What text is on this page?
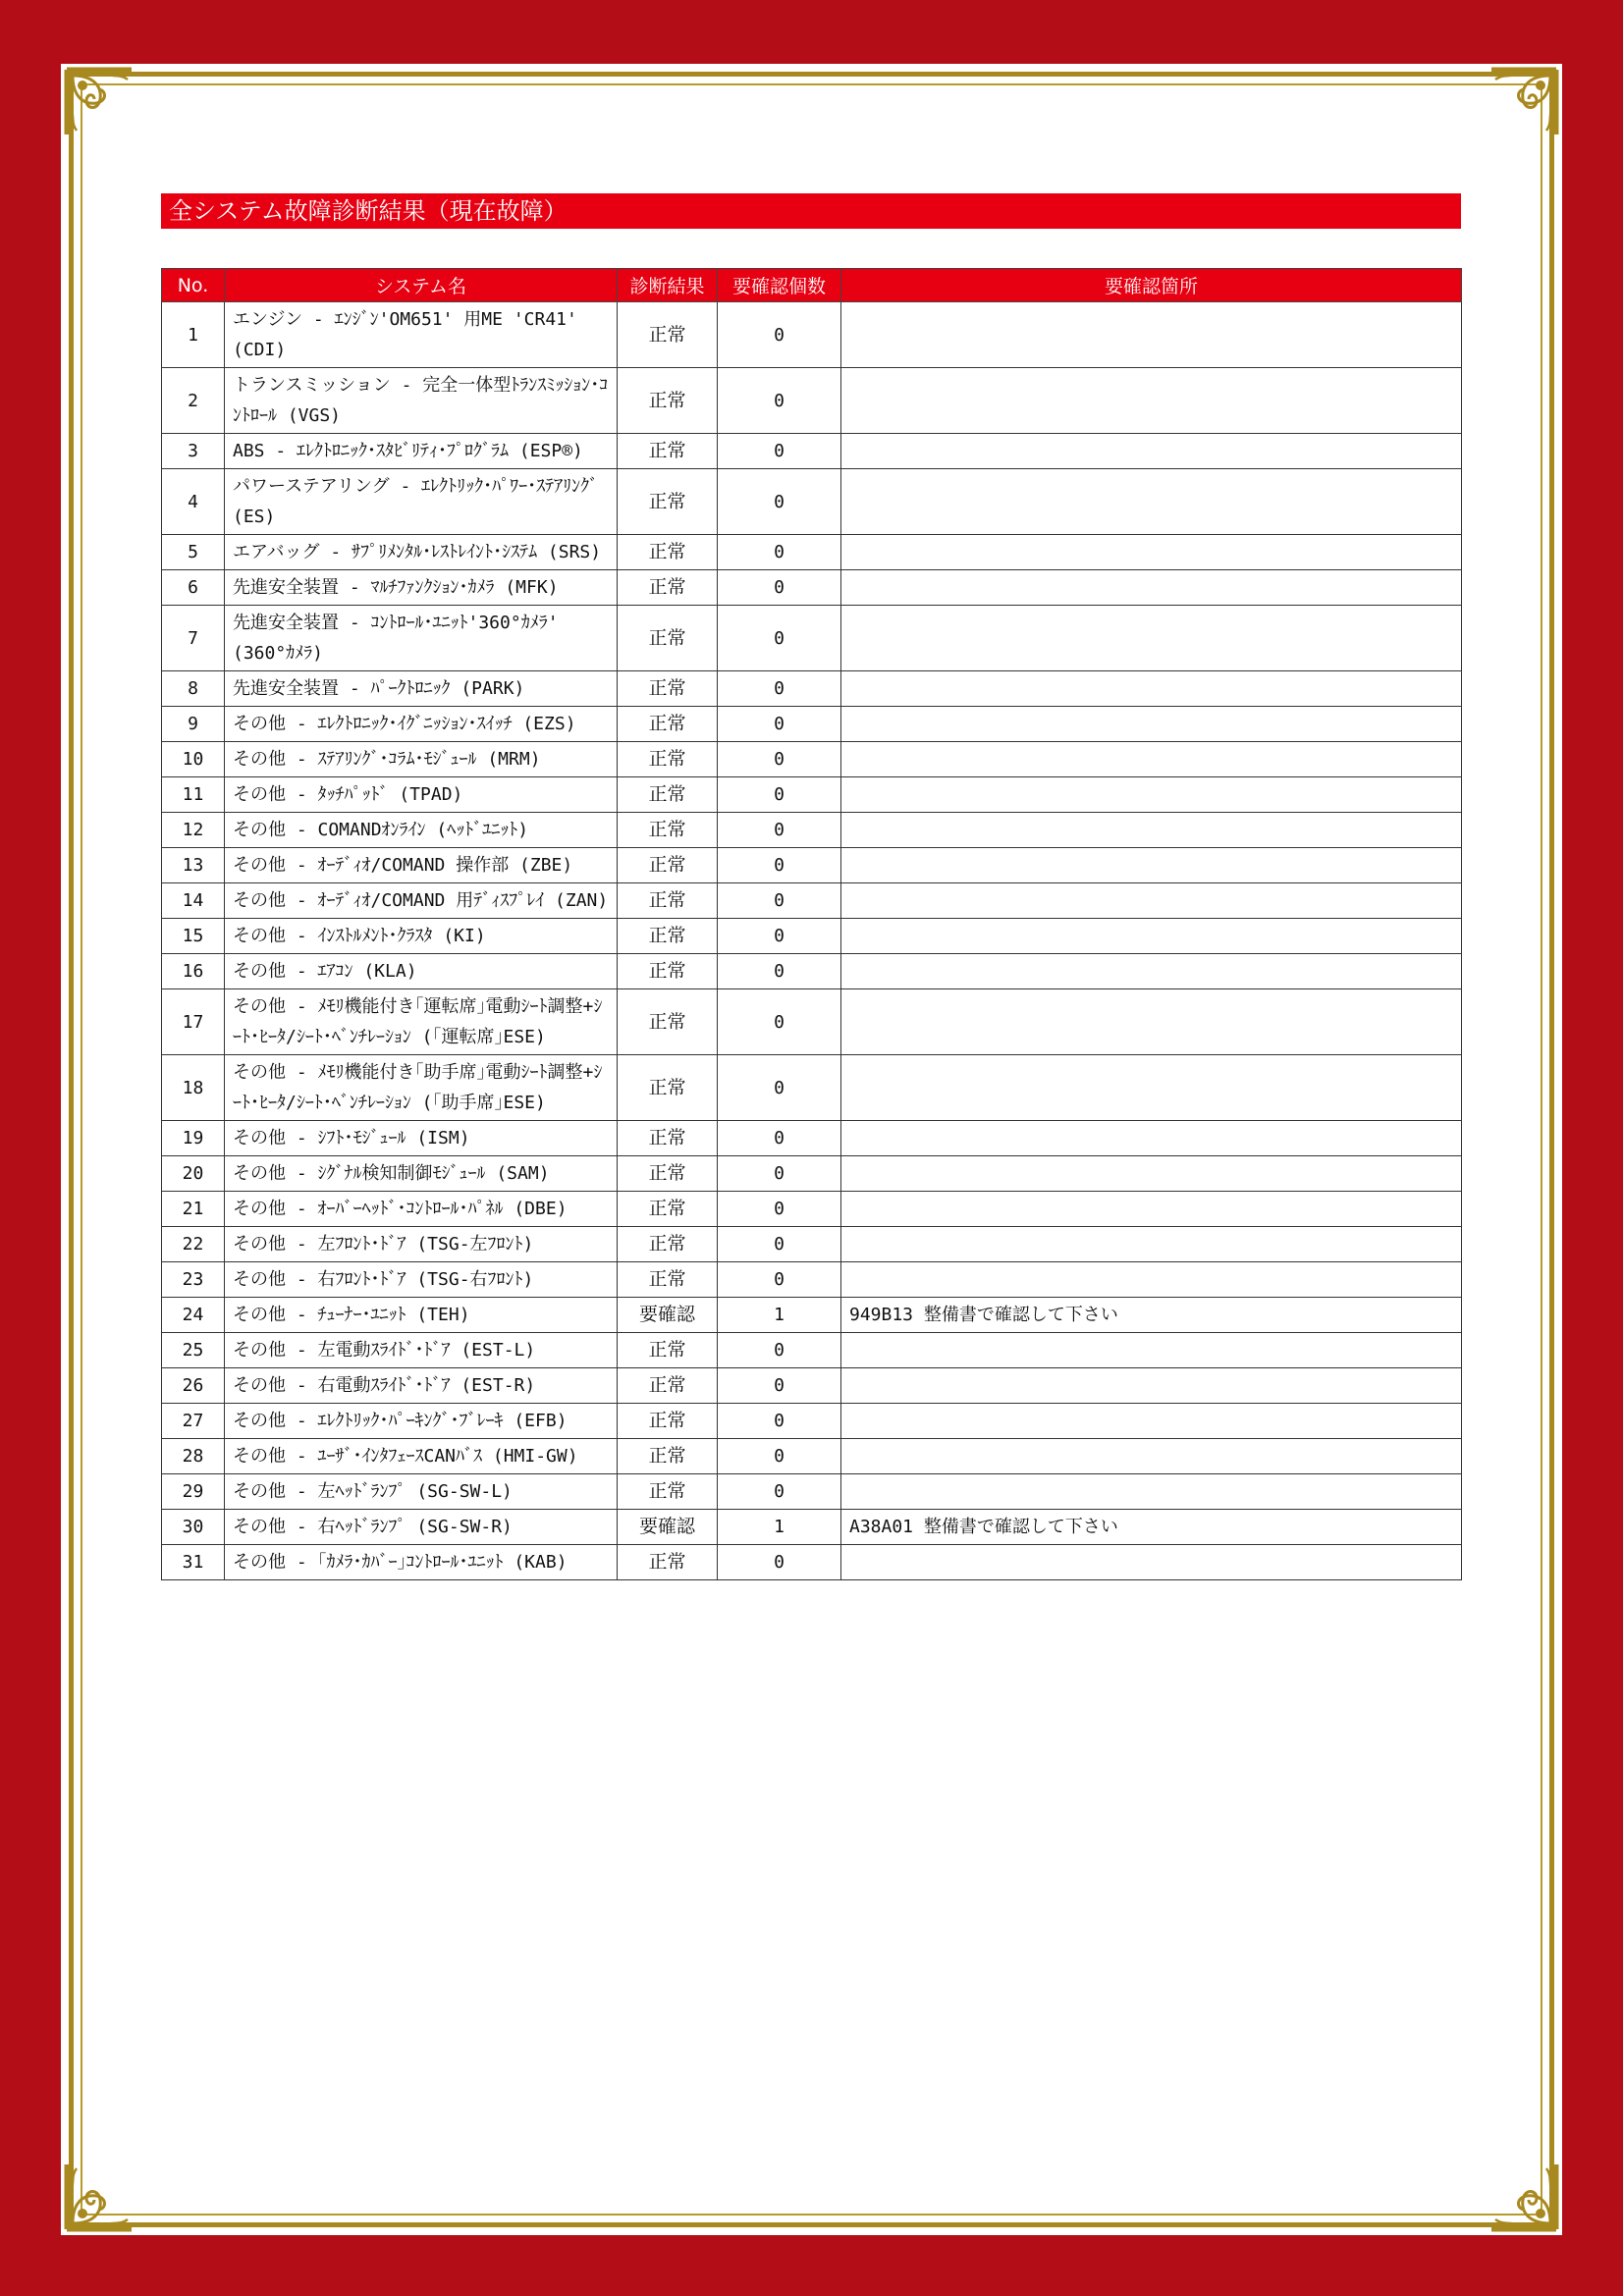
全システム故障診断結果（現在故障）
No.	システム名	診断結果	要確認個数	要確認箇所
1	エンジン - ｴﾝｼﾞﾝ'OM651' 用ME 'CR41' (CDI)	正常	0	
2	トランスミッション - 完全一体型ﾄﾗﾝｽﾐｯｼｮﾝ･ｺﾝﾄﾛｰﾙ (VGS)	正常	0	
3	ABS - ｴﾚｸﾄﾛﾆｯｸ･ｽﾀﾋﾞﾘﾃｨ･ﾌﾟﾛｸﾞﾗﾑ (ESP®)	正常	0	
4	パワーステアリング - ｴﾚｸﾄﾘｯｸ･ﾊﾟﾜｰ･ｽﾃｱﾘﾝｸﾞ (ES)	正常	0	
5	エアバッグ - ｻﾌﾟﾘﾒﾝﾀﾙ･ﾚｽﾄﾚｲﾝﾄ･ｼｽﾃﾑ (SRS)	正常	0	
6	先進安全装置 - ﾏﾙﾁﾌｧﾝｸｼｮﾝ･ｶﾒﾗ (MFK)	正常	0	
7	先進安全装置 - ｺﾝﾄﾛｰﾙ･ﾕﾆｯﾄ'360°ｶﾒﾗ' (360°ｶﾒﾗ)	正常	0	
8	先進安全装置 - ﾊﾟｰｸﾄﾛﾆｯｸ (PARK)	正常	0	
9	その他 - ｴﾚｸﾄﾛﾆｯｸ･ｲｸﾞﾆｯｼｮﾝ･ｽｲｯﾁ (EZS)	正常	0	
10	その他 - ｽﾃｱﾘﾝｸﾞ･ｺﾗﾑ･ﾓｼﾞｭｰﾙ (MRM)	正常	0	
11	その他 - ﾀｯﾁﾊﾟｯﾄﾞ (TPAD)	正常	0	
12	その他 - COMANDｵﾝﾗｲﾝ (ﾍｯﾄﾞﾕﾆｯﾄ)	正常	0	
13	その他 - ｵｰﾃﾞｨｵ/COMAND 操作部 (ZBE)	正常	0	
14	その他 - ｵｰﾃﾞｨｵ/COMAND 用ﾃﾞｨｽﾌﾟﾚｲ (ZAN)	正常	0	
15	その他 - ｲﾝｽﾄﾙﾒﾝﾄ･ｸﾗｽﾀ (KI)	正常	0	
16	その他 - ｴｱｺﾝ (KLA)	正常	0	
17	その他 - ﾒﾓﾘ機能付き｢運転席｣電動ｼｰﾄ調整+ｼｰﾄ･ﾋｰﾀ/ｼｰﾄ･ﾍﾞﾝﾁﾚｰｼｮﾝ (｢運転席｣ESE)	正常	0	
18	その他 - ﾒﾓﾘ機能付き｢助手席｣電動ｼｰﾄ調整+ｼｰﾄ･ﾋｰﾀ/ｼｰﾄ･ﾍﾞﾝﾁﾚｰｼｮﾝ (｢助手席｣ESE)	正常	0	
19	その他 - ｼﾌﾄ･ﾓｼﾞｭｰﾙ (ISM)	正常	0	
20	その他 - ｼｸﾞﾅﾙ検知制御ﾓｼﾞｭｰﾙ (SAM)	正常	0	
21	その他 - ｵｰﾊﾞｰﾍｯﾄﾞ･ｺﾝﾄﾛｰﾙ･ﾊﾟﾈﾙ (DBE)	正常	0	
22	その他 - 左ﾌﾛﾝﾄ･ﾄﾞｱ (TSG-左ﾌﾛﾝﾄ)	正常	0	
23	その他 - 右ﾌﾛﾝﾄ･ﾄﾞｱ (TSG-右ﾌﾛﾝﾄ)	正常	0	
24	その他 - ﾁｭｰﾅｰ･ﾕﾆｯﾄ (TEH)	要確認	1	949B13 整備書で確認して下さい
25	その他 - 左電動ｽﾗｲﾄﾞ･ﾄﾞｱ (EST-L)	正常	0	
26	その他 - 右電動ｽﾗｲﾄﾞ･ﾄﾞｱ (EST-R)	正常	0	
27	その他 - ｴﾚｸﾄﾘｯｸ･ﾊﾟｰｷﾝｸﾞ･ﾌﾞﾚｰｷ (EFB)	正常	0	
28	その他 - ﾕｰｻﾞ･ｲﾝﾀﾌｪｰｽCANﾊﾞｽ (HMI-GW)	正常	0	
29	その他 - 左ﾍｯﾄﾞﾗﾝﾌﾟ (SG-SW-L)	正常	0	
30	その他 - 右ﾍｯﾄﾞﾗﾝﾌﾟ (SG-SW-R)	要確認	1	A38A01 整備書で確認して下さい
31	その他 - ｢ｶﾒﾗ･ｶﾊﾞｰ｣ｺﾝﾄﾛｰﾙ･ﾕﾆｯﾄ (KAB)	正常	0	
